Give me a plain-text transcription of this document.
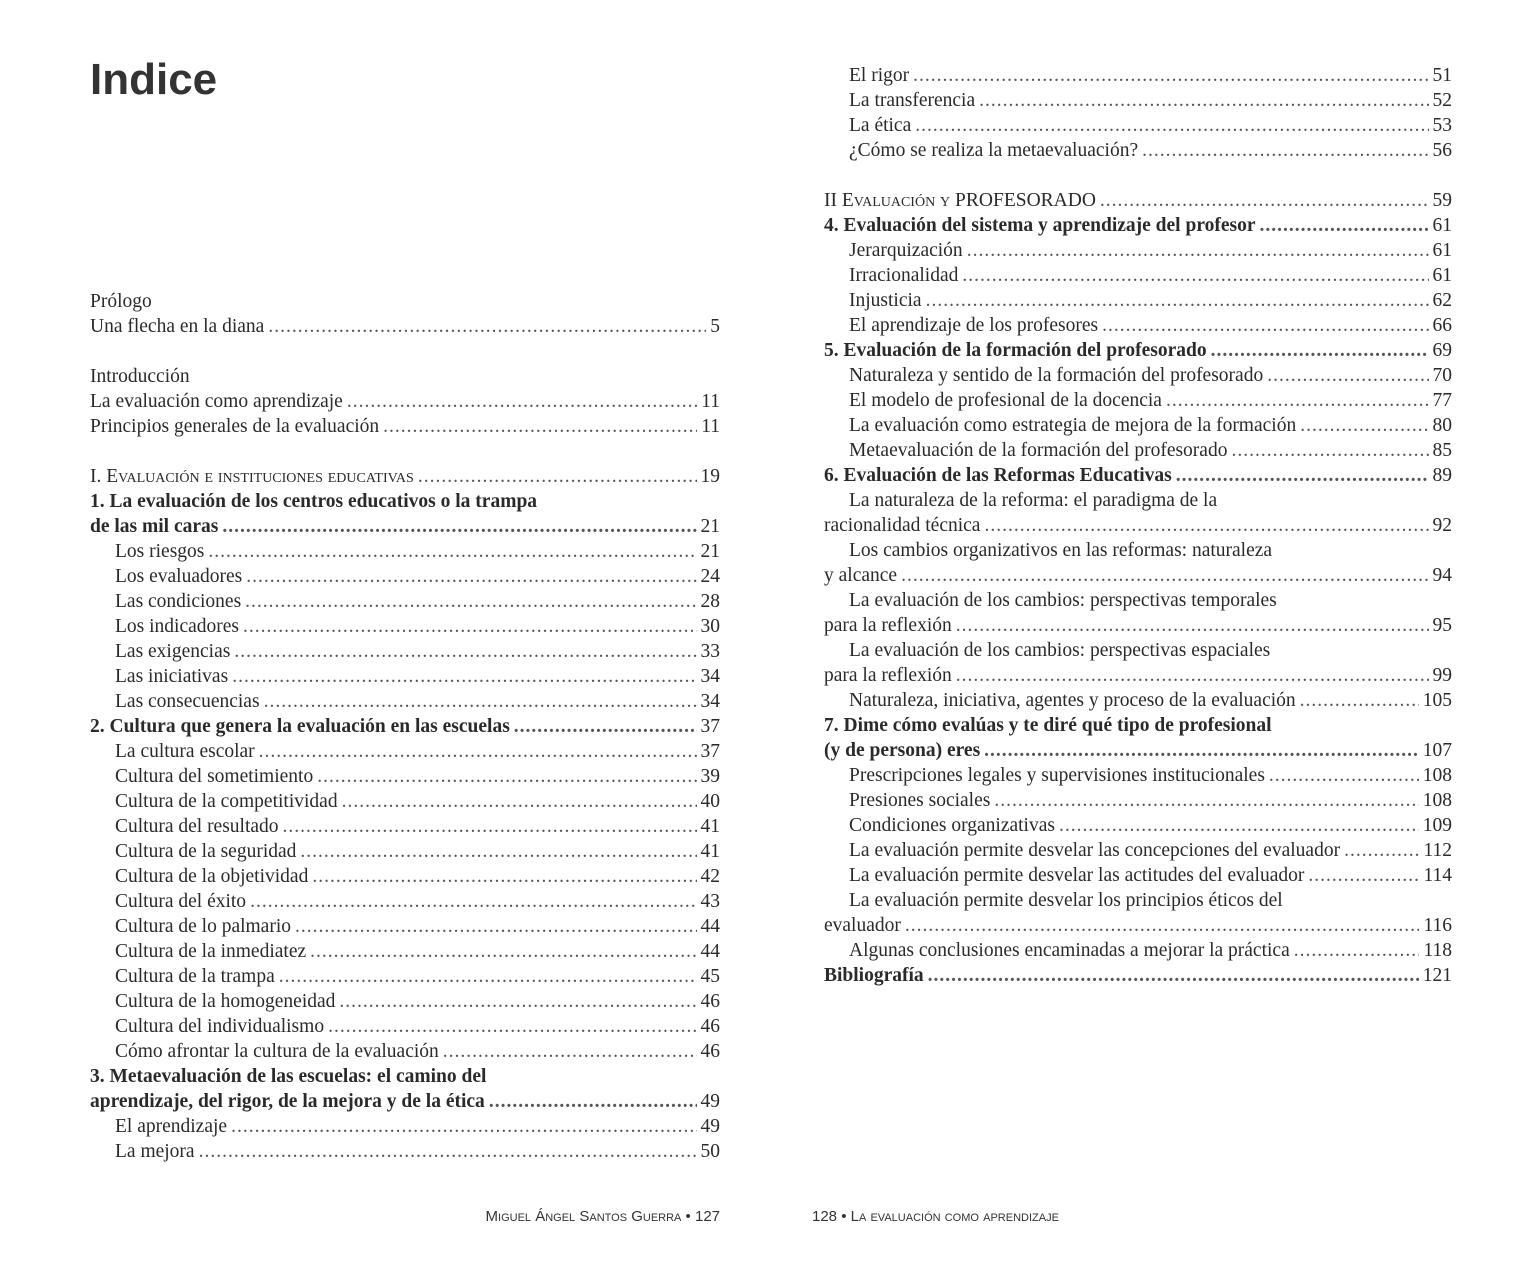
Indice
Prólogo
Una flecha en la diana .....	5
Introducción
La evaluación como aprendizaje .....	11
Principios generales de la evaluación .....	11
I. Evaluación e instituciones educativas .....	19
1. La evaluación de los centros educativos o la trampa
de las mil caras .....	21
Los riesgos .....	21
Los evaluadores .....	24
Las condiciones .....	28
Los indicadores .....	30
Las exigencias .....	33
Las iniciativas .....	34
Las consecuencias .....	34
2. Cultura que genera la evaluación en las escuelas .....	37
La cultura escolar .....	37
Cultura del sometimiento .....	39
Cultura de la competitividad .....	40
Cultura del resultado .....	41
Cultura de la seguridad .....	41
Cultura de la objetividad .....	42
Cultura del éxito .....	43
Cultura de lo palmario .....	44
Cultura de la inmediatez .....	44
Cultura de la trampa .....	45
Cultura de la homogeneidad .....	46
Cultura del individualismo .....	46
Cómo afrontar la cultura de la evaluación .....	46
3. Metaevaluación de las escuelas: el camino del
aprendizaje, del rigor, de la mejora y de la ética .....	49
El aprendizaje .....	49
La mejora .....	50
Miguel Ángel Santos Guerra • 127
El rigor .....	51
La transferencia .....	52
La ética .....	53
¿Cómo se realiza la metaevaluación? .....	56
II Evaluación y PROFESORADO .....	59
4. Evaluación del sistema y aprendizaje del profesor .....	61
Jerarquización .....	61
Irracionalidad .....	61
Injusticia .....	62
El aprendizaje de los profesores .....	66
5. Evaluación de la formación del profesorado .....	69
Naturaleza y sentido de la formación del profesorado .....	70
El modelo de profesional de la docencia .....	77
La evaluación como estrategia de mejora de la formación .....	80
Metaevaluación de la formación del profesorado .....	85
6. Evaluación de las Reformas Educativas .....	89
La naturaleza de la reforma: el paradigma de la
racionalidad técnica .....	92
Los cambios organizativos en las reformas: naturaleza
y alcance .....	94
La evaluación de los cambios: perspectivas temporales
para la reflexión .....	95
La evaluación de los cambios: perspectivas espaciales
para la reflexión .....	99
Naturaleza, iniciativa, agentes y proceso de la evaluación .....	105
7. Dime cómo evalúas y te diré qué tipo de profesional
(y de persona) eres .....	107
Prescripciones legales y supervisiones institucionales .....	108
Presiones sociales .....	108
Condiciones organizativas .....	109
La evaluación permite desvelar las concepciones del evaluador .....	112
La evaluación permite desvelar las actitudes del evaluador .....	114
La evaluación permite desvelar los principios éticos del
evaluador .....	116
Algunas conclusiones encaminadas a mejorar la práctica .....	118
Bibliografía .....	121
128 • La evaluación como aprendizaje
